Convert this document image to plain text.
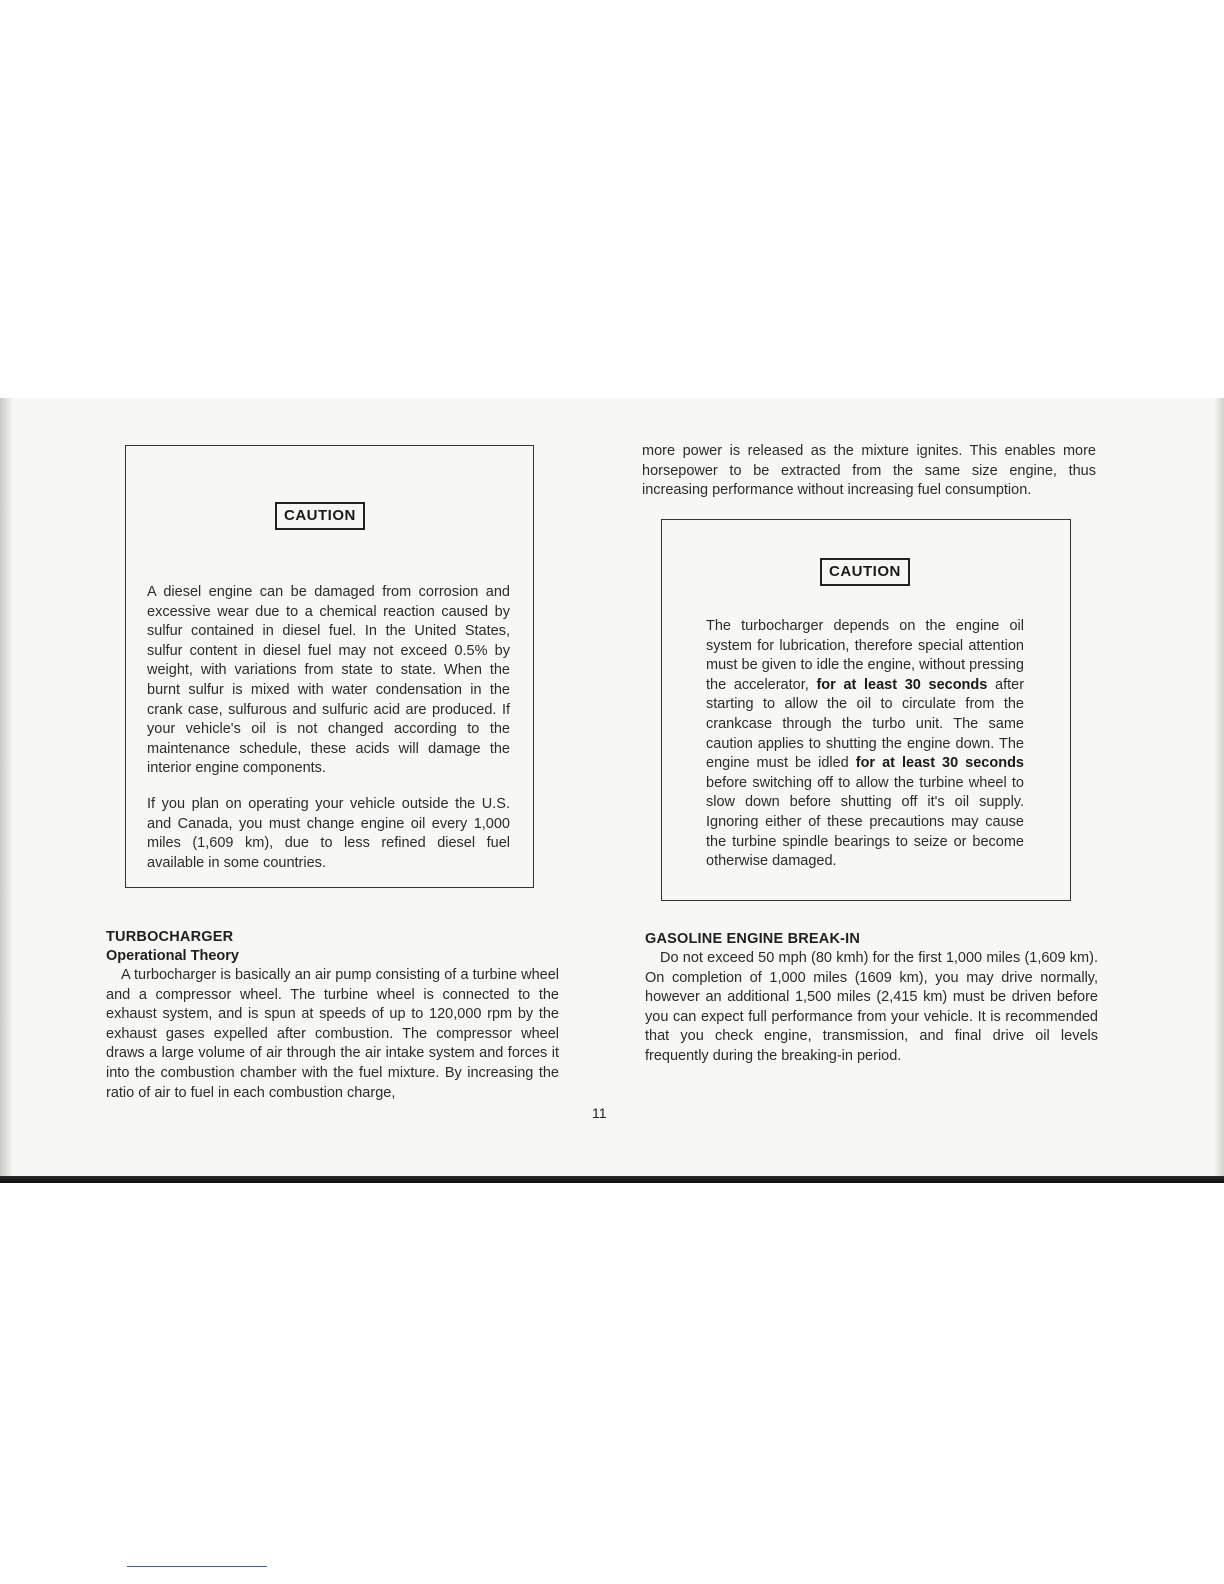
CAUTION

A diesel engine can be damaged from corrosion and excessive wear due to a chemical reaction caused by sulfur contained in diesel fuel. In the United States, sulfur content in diesel fuel may not exceed 0.5% by weight, with variations from state to state. When the burnt sulfur is mixed with water condensation in the crank case, sulfurous and sulfuric acid are produced. If your vehicle's oil is not changed according to the maintenance schedule, these acids will damage the interior engine components.

If you plan on operating your vehicle outside the U.S. and Canada, you must change engine oil every 1,000 miles (1,609 km), due to less refined diesel fuel available in some countries.

TURBOCHARGER
Operational Theory

A turbocharger is basically an air pump consisting of a turbine wheel and a compressor wheel. The turbine wheel is connected to the exhaust system, and is spun at speeds of up to 120,000 rpm by the exhaust gases expelled after combustion. The compressor wheel draws a large volume of air through the air intake system and forces it into the combustion chamber with the fuel mixture. By increasing the ratio of air to fuel in each combustion charge,

more power is released as the mixture ignites. This enables more horsepower to be extracted from the same size engine, thus increasing performance without increasing fuel consumption.

CAUTION

The turbocharger depends on the engine oil system for lubrication, therefore special attention must be given to idle the engine, without pressing the accelerator, for at least 30 seconds after starting to allow the oil to circulate from the crankcase through the turbo unit. The same caution applies to shutting the engine down. The engine must be idled for at least 30 seconds before switching off to allow the turbine wheel to slow down before shutting off it's oil supply. Ignoring either of these precautions may cause the turbine spindle bearings to seize or become otherwise damaged.

GASOLINE ENGINE BREAK-IN

Do not exceed 50 mph (80 kmh) for the first 1,000 miles (1,609 km). On completion of 1,000 miles (1609 km), you may drive normally, however an additional 1,500 miles (2,415 km) must be driven before you can expect full performance from your vehicle. It is recommended that you check engine, transmission, and final drive oil levels frequently during the breaking-in period.

11
